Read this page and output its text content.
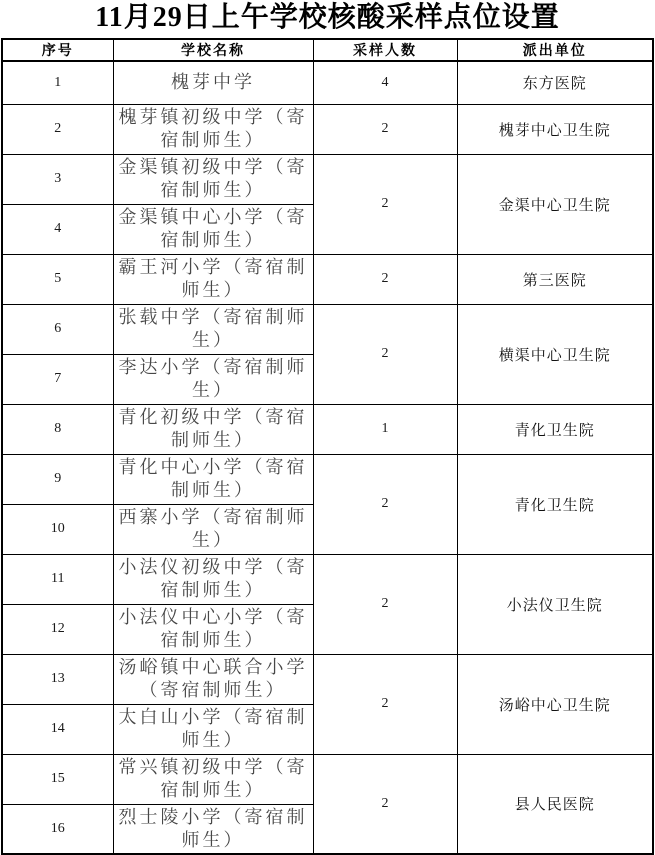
11月29日上午学校核酸采样点位设置
序号	学校名称	采样人数	派出单位
1	槐芽中学	4	东方医院
2	槐芽镇初级中学（寄宿制师生）	2	槐芽中心卫生院
3	金渠镇初级中学（寄宿制师生）	2	金渠中心卫生院
4	金渠镇中心小学（寄宿制师生）		
5	霸王河小学（寄宿制师生）	2	第三医院
6	张载中学（寄宿制师生）	2	横渠中心卫生院
7	李达小学（寄宿制师生）		
8	青化初级中学（寄宿制师生）	1	青化卫生院
9	青化中心小学（寄宿制师生）	2	青化卫生院
10	西寨小学（寄宿制师生）		
11	小法仪初级中学（寄宿制师生）	2	小法仪卫生院
12	小法仪中心小学（寄宿制师生）		
13	汤峪镇中心联合小学（寄宿制师生）	2	汤峪中心卫生院
14	太白山小学（寄宿制师生）		
15	常兴镇初级中学（寄宿制师生）	2	县人民医院
16	烈士陵小学（寄宿制师生）		
